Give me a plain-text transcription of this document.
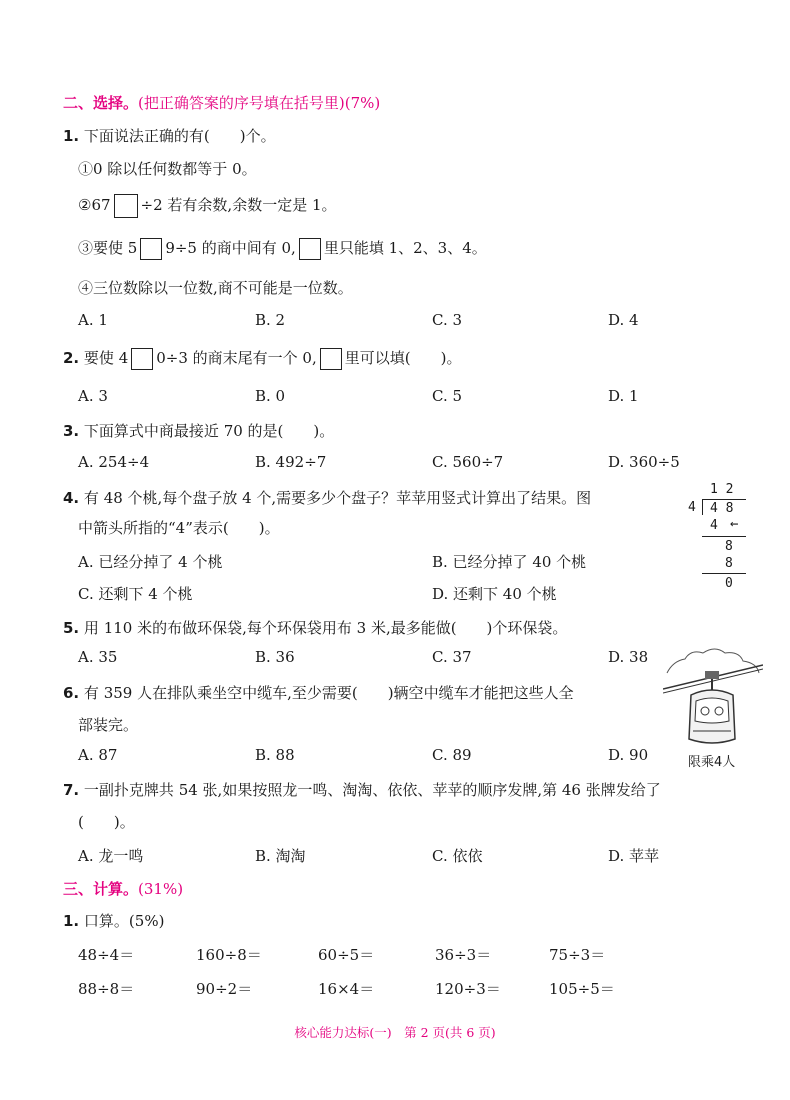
二、选择。(把正确答案的序号填在括号里)(7%)
1. 下面说法正确的有(　　)个。
①0 除以任何数都等于 0。
②67 ÷2 若有余数,余数一定是 1。
③要使 5 9÷5 的商中间有 0, 里只能填 1、2、3、4。
④三位数除以一位数,商不可能是一位数。
A. 1	B. 2	C. 3	D. 4
2. 要使 4 0÷3 的商末尾有一个 0, 里可以填(　　)。
A. 3	B. 0	C. 5	D. 1
3. 下面算式中商最接近 70 的是(　　)。
A. 254÷4	B. 492÷7	C. 560÷7	D. 360÷5
4. 有 48 个桃,每个盘子放 4 个,需要多少个盘子？苹苹用竖式计算出了结果。图
中箭头所指的“4”表示(　　)。
A. 已经分掉了 4 个桃	B. 已经分掉了 40 个桃
C. 还剩下 4 个桃	D. 还剩下 40 个桃
1 2
4 4 8
4 ←
8
8
0
5. 用 110 米的布做环保袋,每个环保袋用布 3 米,最多能做(　　)个环保袋。
A. 35	B. 36	C. 37	D. 38
6. 有 359 人在排队乘坐空中缆车,至少需要(　　)辆空中缆车才能把这些人全
部装完。
A. 87	B. 88	C. 89	D. 90	限乘4人
7. 一副扑克牌共 54 张,如果按照龙一鸣、淘淘、依依、苹苹的顺序发牌,第 46 张牌发给了
(　　)。
A. 龙一鸣	B. 淘淘	C. 依依	D. 苹苹
三、计算。(31%)
1. 口算。(5%)
48÷4＝	160÷8＝	60÷5＝	36÷3＝	75÷3＝
88÷8＝	90÷2＝	16×4＝	120÷3＝	105÷5＝
核心能力达标(一)　第 2 页(共 6 页)
